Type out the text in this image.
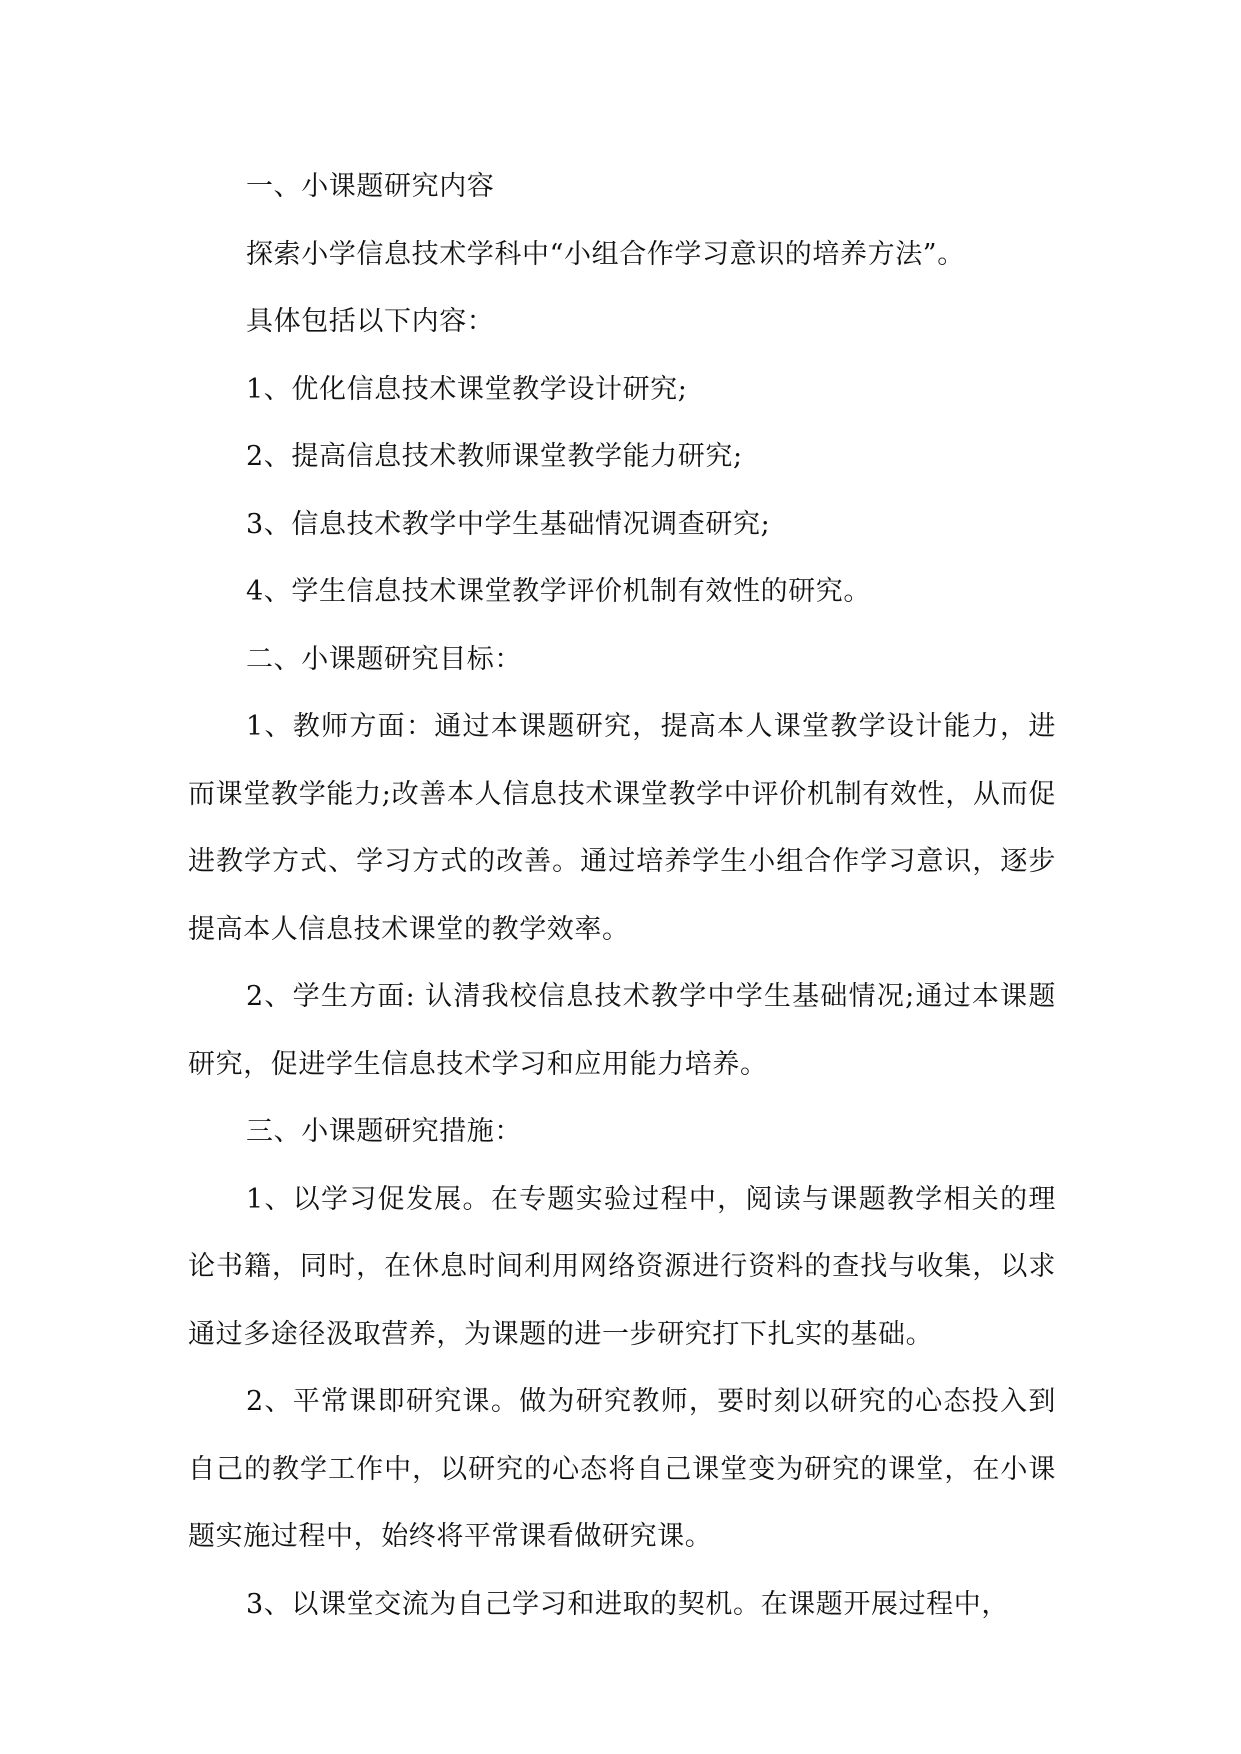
一、小课题研究内容

探索小学信息技术学科中“小组合作学习意识的培养方法”。

具体包括以下内容：

1、优化信息技术课堂教学设计研究;

2、提高信息技术教师课堂教学能力研究;

3、信息技术教学中学生基础情况调查研究;

4、学生信息技术课堂教学评价机制有效性的研究。

二、小课题研究目标：

1、教师方面：通过本课题研究，提高本人课堂教学设计能力，进而课堂教学能力;改善本人信息技术课堂教学中评价机制有效性，从而促进教学方式、学习方式的改善。通过培养学生小组合作学习意识，逐步提高本人信息技术课堂的教学效率。

2、学生方面: 认清我校信息技术教学中学生基础情况;通过本课题研究，促进学生信息技术学习和应用能力培养。

三、小课题研究措施：

1、以学习促发展。在专题实验过程中，阅读与课题教学相关的理论书籍，同时，在休息时间利用网络资源进行资料的查找与收集，以求通过多途径汲取营养，为课题的进一步研究打下扎实的基础。

2、平常课即研究课。做为研究教师，要时刻以研究的心态投入到自己的教学工作中，以研究的心态将自己课堂变为研究的课堂，在小课题实施过程中，始终将平常课看做研究课。

3、以课堂交流为自己学习和进取的契机。在课题开展过程中，
